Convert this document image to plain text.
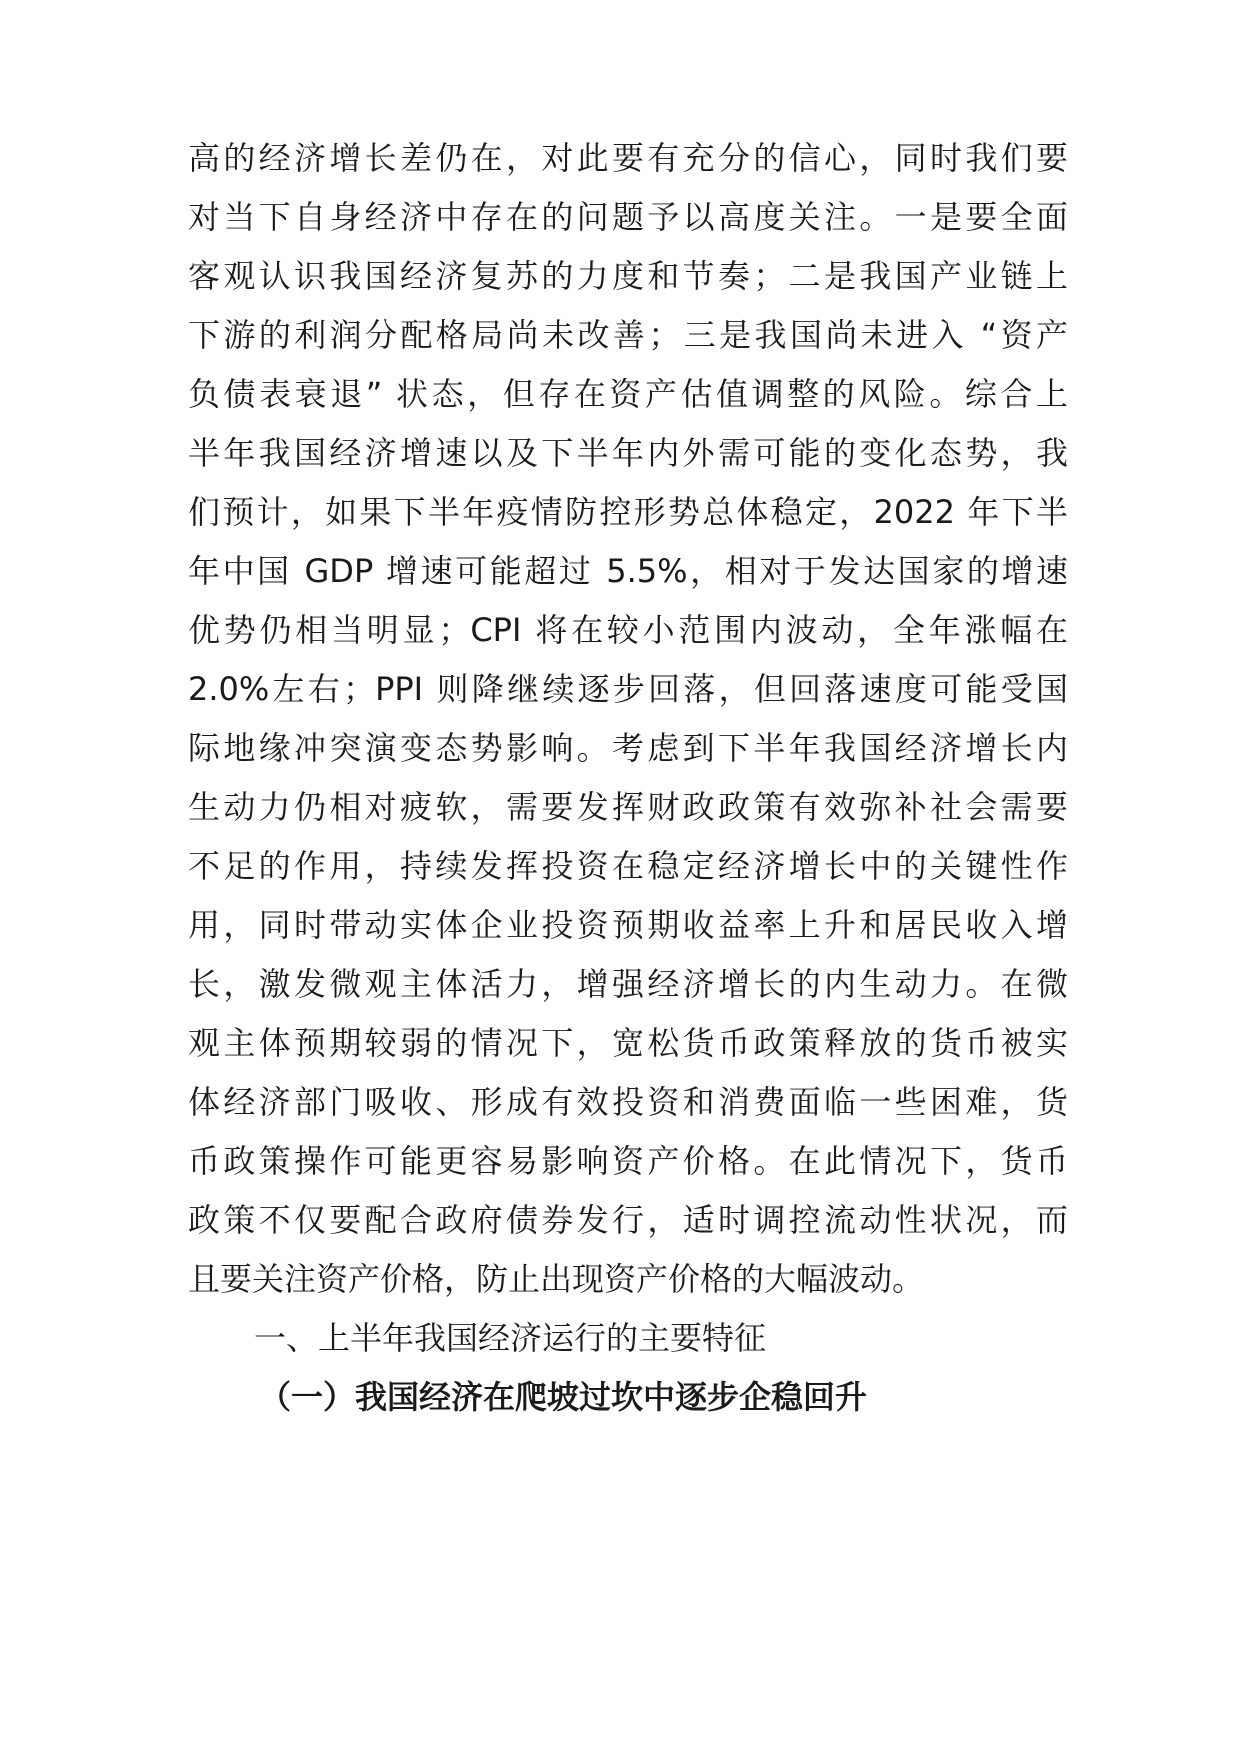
高的经济增长差仍在，对此要有充分的信心，同时我们要
对当下自身经济中存在的问题予以高度关注。一是要全面
客观认识我国经济复苏的力度和节奏；二是我国产业链上
下游的利润分配格局尚未改善；三是我国尚未进入 “资产
负债表衰退” 状态，但存在资产估值调整的风险。综合上
半年我国经济增速以及下半年内外需可能的变化态势，我
们预计，如果下半年疫情防控形势总体稳定，2022 年下半
年中国 GDP 增速可能超过 5.5%，相对于发达国家的增速
优势仍相当明显；CPI 将在较小范围内波动，全年涨幅在
2.0%左右；PPI 则降继续逐步回落，但回落速度可能受国
际地缘冲突演变态势影响。考虑到下半年我国经济增长内
生动力仍相对疲软，需要发挥财政政策有效弥补社会需要
不足的作用，持续发挥投资在稳定经济增长中的关键性作
用，同时带动实体企业投资预期收益率上升和居民收入增
长，激发微观主体活力，增强经济增长的内生动力。在微
观主体预期较弱的情况下，宽松货币政策释放的货币被实
体经济部门吸收、形成有效投资和消费面临一些困难，货
币政策操作可能更容易影响资产价格。在此情况下，货币
政策不仅要配合政府债券发行，适时调控流动性状况，而
且要关注资产价格，防止出现资产价格的大幅波动。
一、上半年我国经济运行的主要特征
（一）我国经济在爬坡过坎中逐步企稳回升
